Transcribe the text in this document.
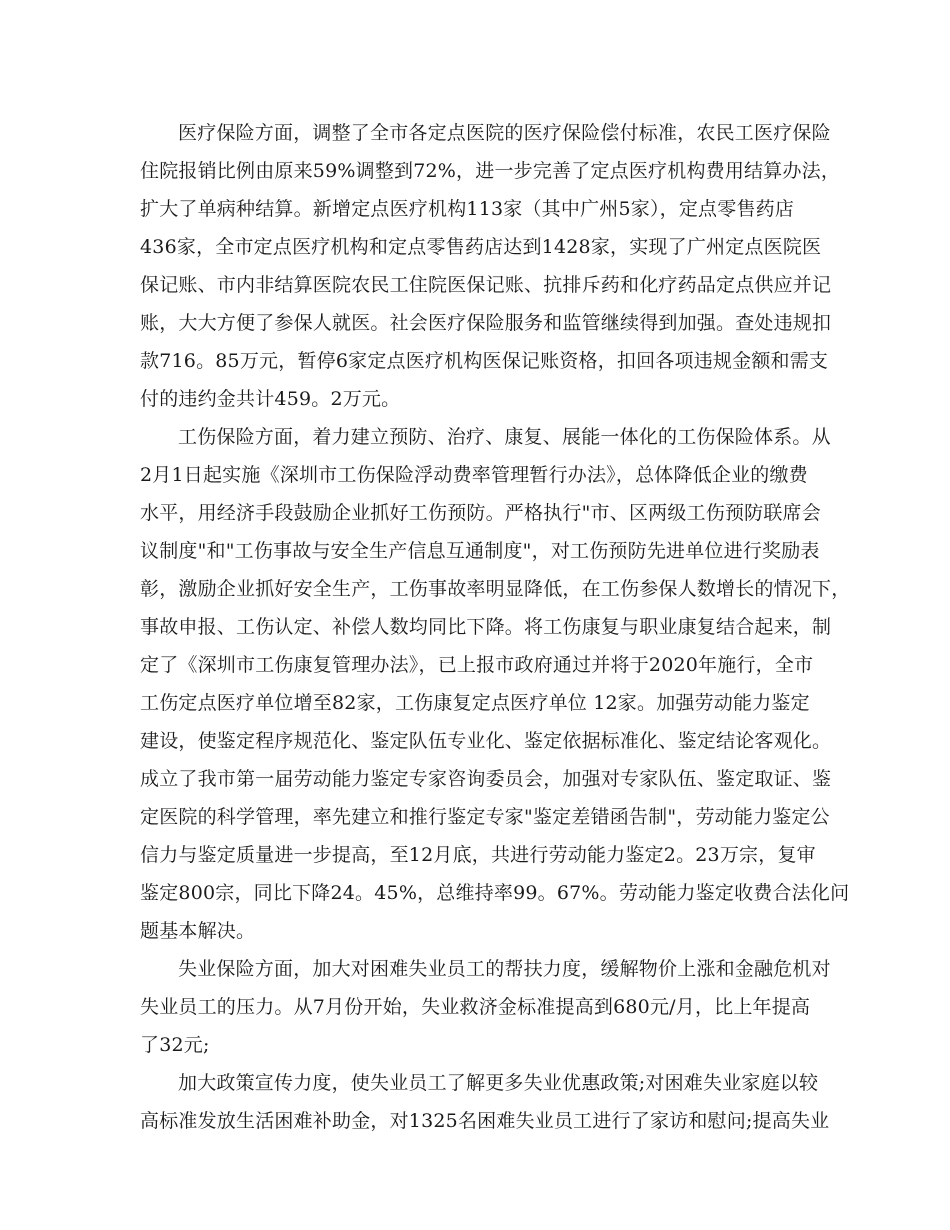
医疗保险方面，调整了全市各定点医院的医疗保险偿付标准，农民工医疗保险
住院报销比例由原来59%调整到72%，进一步完善了定点医疗机构费用结算办法，
扩大了单病种结算。新增定点医疗机构113家（其中广州5家），定点零售药店
436家，全市定点医疗机构和定点零售药店达到1428家，实现了广州定点医院医
保记账、市内非结算医院农民工住院医保记账、抗排斥药和化疗药品定点供应并记
账，大大方便了参保人就医。社会医疗保险服务和监管继续得到加强。查处违规扣
款716。85万元，暂停6家定点医疗机构医保记账资格，扣回各项违规金额和需支
付的违约金共计459。2万元。
工伤保险方面，着力建立预防、治疗、康复、展能一体化的工伤保险体系。从
2月1日起实施《深圳市工伤保险浮动费率管理暂行办法》，总体降低企业的缴费
水平，用经济手段鼓励企业抓好工伤预防。严格执行"市、区两级工伤预防联席会
议制度"和"工伤事故与安全生产信息互通制度"，对工伤预防先进单位进行奖励表
彰，激励企业抓好安全生产，工伤事故率明显降低，在工伤参保人数增长的情况下，
事故申报、工伤认定、补偿人数均同比下降。将工伤康复与职业康复结合起来，制
定了《深圳市工伤康复管理办法》，已上报市政府通过并将于2020年施行，全市
工伤定点医疗单位增至82家，工伤康复定点医疗单位 12家。加强劳动能力鉴定
建设，使鉴定程序规范化、鉴定队伍专业化、鉴定依据标准化、鉴定结论客观化。
成立了我市第一届劳动能力鉴定专家咨询委员会，加强对专家队伍、鉴定取证、鉴
定医院的科学管理，率先建立和推行鉴定专家"鉴定差错函告制"，劳动能力鉴定公
信力与鉴定质量进一步提高，至12月底，共进行劳动能力鉴定2。23万宗，复审
鉴定800宗，同比下降24。45%，总维持率99。67%。劳动能力鉴定收费合法化问
题基本解决。
失业保险方面，加大对困难失业员工的帮扶力度，缓解物价上涨和金融危机对
失业员工的压力。从7月份开始，失业救济金标准提高到680元/月，比上年提高
了32元;
加大政策宣传力度，使失业员工了解更多失业优惠政策;对困难失业家庭以较
高标准发放生活困难补助金，对1325名困难失业员工进行了家访和慰问;提高失业
